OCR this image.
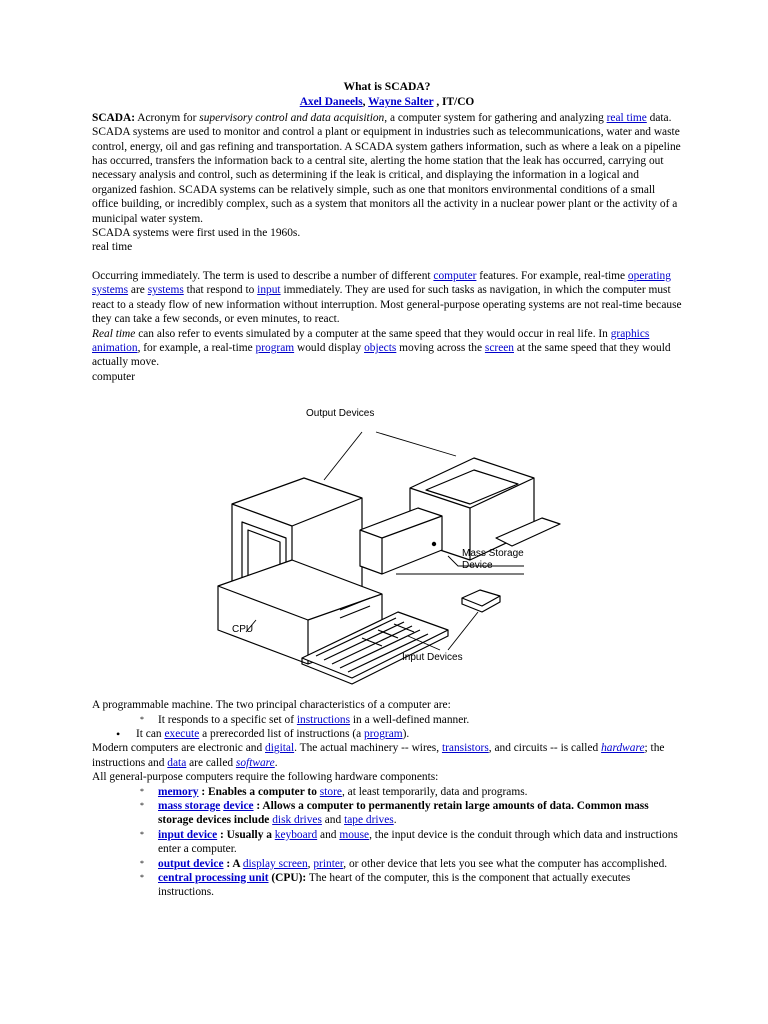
What is SCADA?

Axel Daneels, Wayne Salter , IT/CO

SCADA: Acronym for supervisory control and data acquisition, a computer system for gathering and analyzing real time data. SCADA systems are used to monitor and control a plant or equipment in industries such as telecommunications, water and waste control, energy, oil and gas refining and transportation. A SCADA system gathers information, such as where a leak on a pipeline has occurred, transfers the information back to a central site, alerting the home station that the leak has occurred, carrying out necessary analysis and control, such as determining if the leak is critical, and displaying the information in a logical and organized fashion. SCADA systems can be relatively simple, such as one that monitors environmental conditions of a small office building, or incredibly complex, such as a system that monitors all the activity in a nuclear power plant or the activity of a municipal water system.

SCADA systems were first used in the 1960s.

real time

Occurring immediately. The term is used to describe a number of different computer features. For example, real-time operating systems are systems that respond to input immediately. They are used for such tasks as navigation, in which the computer must react to a steady flow of new information without interruption. Most general-purpose operating systems are not real-time because they can take a few seconds, or even minutes, to react.

Real time can also refer to events simulated by a computer at the same speed that they would occur in real life. In graphics animation, for example, a real-time program would display objects moving across the screen at the same speed that they would actually move.

computer

Output Devices
Mass Storage
Device
CPU
Input Devices

A programmable machine. The two principal characteristics of a computer are:

* It responds to a specific set of instructions in a well-defined manner.
• It can execute a prerecorded list of instructions (a program).

Modern computers are electronic and digital. The actual machinery -- wires, transistors, and circuits -- is called hardware; the instructions and data are called software.

All general-purpose computers require the following hardware components:

* memory : Enables a computer to store, at least temporarily, data and programs.
* mass storage device : Allows a computer to permanently retain large amounts of data. Common mass storage devices include disk drives and tape drives.
* input device : Usually a keyboard and mouse, the input device is the conduit through which data and instructions enter a computer.
* output device : A display screen, printer, or other device that lets you see what the computer has accomplished.
* central processing unit (CPU): The heart of the computer, this is the component that actually executes instructions.
